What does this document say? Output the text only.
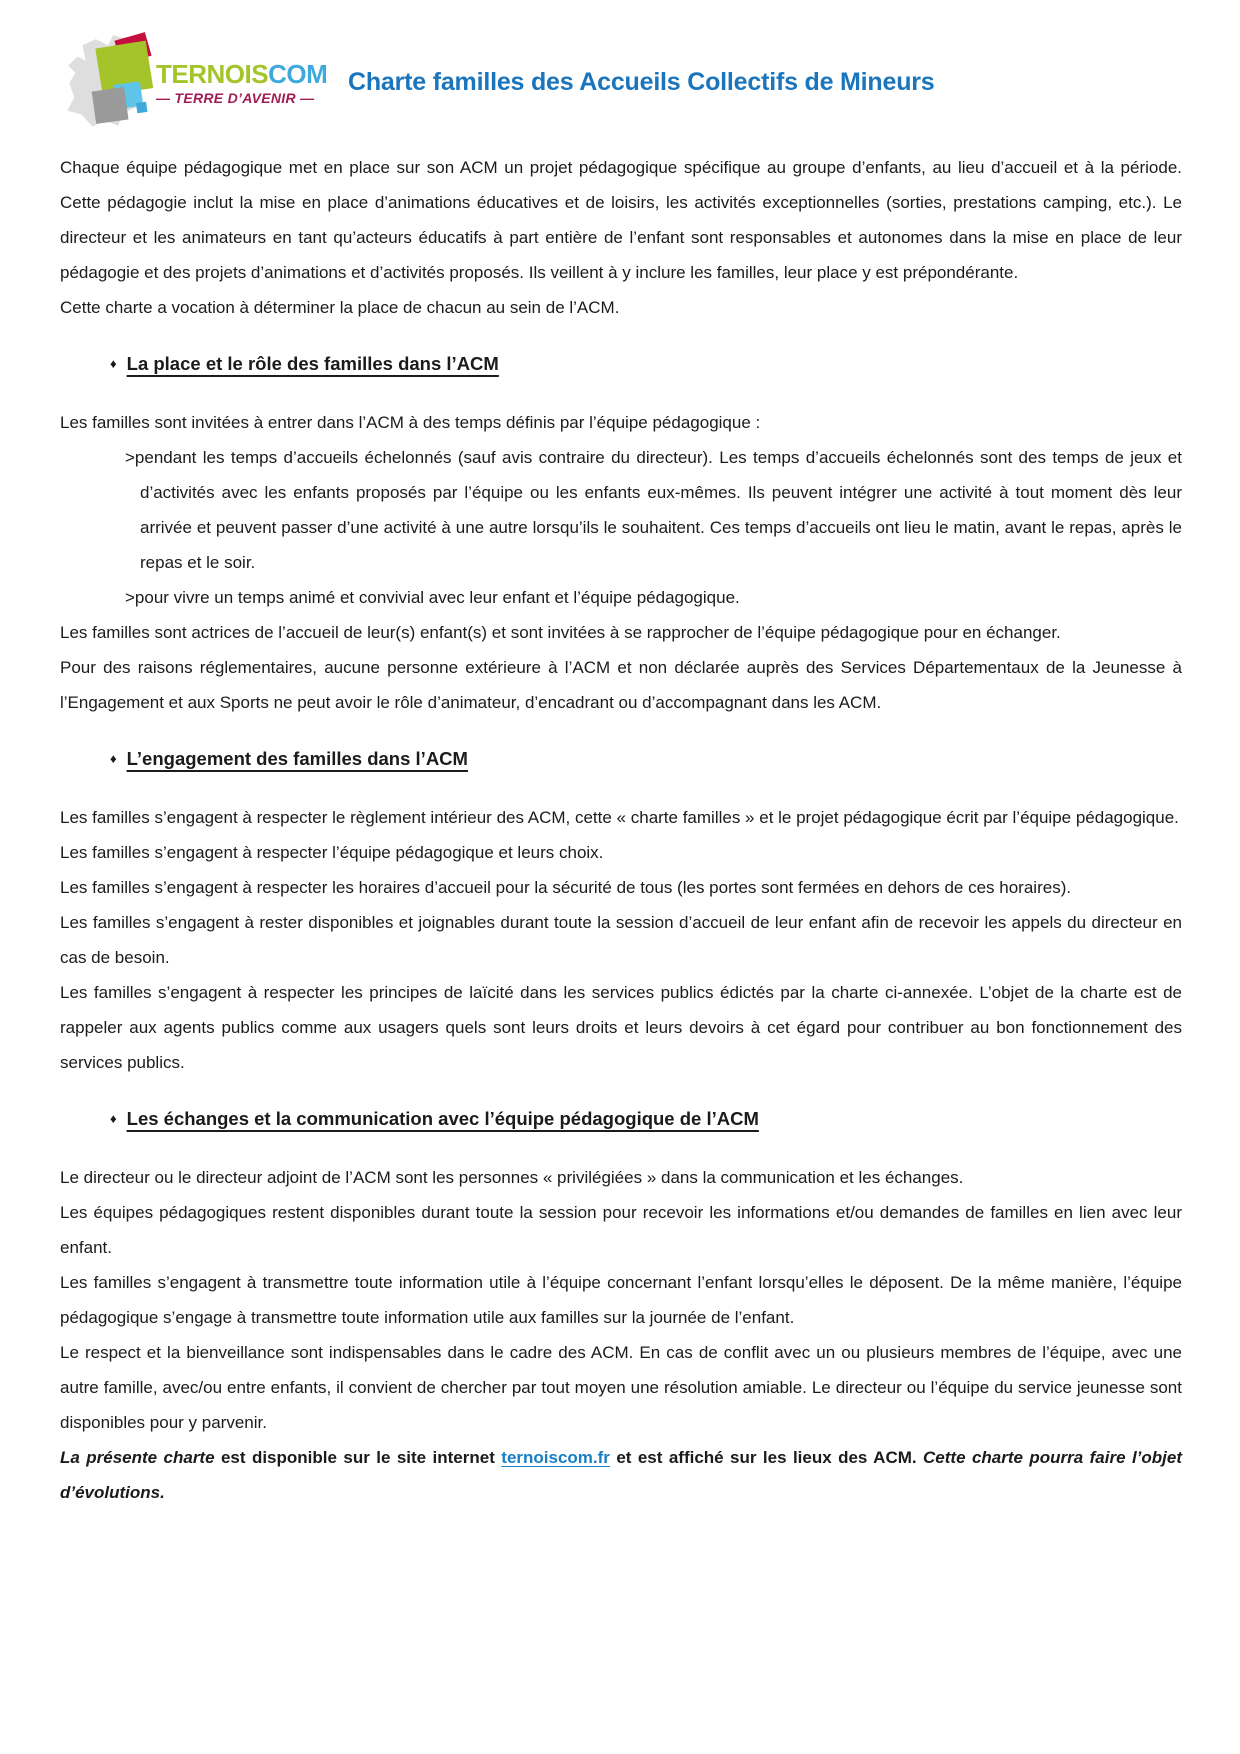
TERNOISCOM
— TERRE D’AVENIR —
Charte familles des Accueils Collectifs de Mineurs

Chaque équipe pédagogique met en place sur son ACM un projet pédagogique spécifique au groupe d’enfants, au lieu d’accueil et à la période. Cette pédagogie inclut la mise en place d’animations éducatives et de loisirs, les activités exceptionnelles (sorties, prestations camping, etc.). Le directeur et les animateurs en tant qu’acteurs éducatifs à part entière de l’enfant sont responsables et autonomes dans la mise en place de leur pédagogie et des projets d’animations et d’activités proposés. Ils veillent à y inclure les familles, leur place y est prépondérante.

Cette charte a vocation à déterminer la place de chacun au sein de l’ACM.

♦ La place et le rôle des familles dans l’ACM

Les familles sont invitées à entrer dans l’ACM à des temps définis par l’équipe pédagogique :

>pendant les temps d’accueils échelonnés (sauf avis contraire du directeur). Les temps d’accueils échelonnés sont des temps de jeux et d’activités avec les enfants proposés par l’équipe ou les enfants eux-mêmes. Ils peuvent intégrer une activité à tout moment dès leur arrivée et peuvent passer d’une activité à une autre lorsqu’ils le souhaitent. Ces temps d’accueils ont lieu le matin, avant le repas, après le repas et le soir.

>pour vivre un temps animé et convivial avec leur enfant et l’équipe pédagogique.

Les familles sont actrices de l’accueil de leur(s) enfant(s) et sont invitées à se rapprocher de l’équipe pédagogique pour en échanger.

Pour des raisons réglementaires, aucune personne extérieure à l’ACM et non déclarée auprès des Services Départementaux de la Jeunesse à l’Engagement et aux Sports ne peut avoir le rôle d’animateur, d’encadrant ou d’accompagnant dans les ACM.

♦ L’engagement des familles dans l’ACM

Les familles s’engagent à respecter le règlement intérieur des ACM, cette « charte familles » et le projet pédagogique écrit par l’équipe pédagogique.

Les familles s’engagent à respecter l’équipe pédagogique et leurs choix.

Les familles s’engagent à respecter les horaires d’accueil pour la sécurité de tous (les portes sont fermées en dehors de ces horaires).

Les familles s’engagent à rester disponibles et joignables durant toute la session d’accueil de leur enfant afin de recevoir les appels du directeur en cas de besoin.

Les familles s’engagent à respecter les principes de laïcité dans les services publics édictés par la charte ci-annexée. L’objet de la charte est de rappeler aux agents publics comme aux usagers quels sont leurs droits et leurs devoirs à cet égard pour contribuer au bon fonctionnement des services publics.

♦ Les échanges et la communication avec l’équipe pédagogique de l’ACM

Le directeur ou le directeur adjoint de l’ACM sont les personnes « privilégiées » dans la communication et les échanges.

Les équipes pédagogiques restent disponibles durant toute la session pour recevoir les informations et/ou demandes de familles en lien avec leur enfant.

Les familles s’engagent à transmettre toute information utile à l’équipe concernant l’enfant lorsqu’elles le déposent. De la même manière, l’équipe pédagogique s’engage à transmettre toute information utile aux familles sur la journée de l’enfant.

Le respect et la bienveillance sont indispensables dans le cadre des ACM. En cas de conflit avec un ou plusieurs membres de l’équipe, avec une autre famille, avec/ou entre enfants, il convient de chercher par tout moyen une résolution amiable. Le directeur ou l’équipe du service jeunesse sont disponibles pour y parvenir.

La présente charte est disponible sur le site internet ternoiscom.fr et est affiché sur les lieux des ACM. Cette charte pourra faire l’objet d’évolutions.
